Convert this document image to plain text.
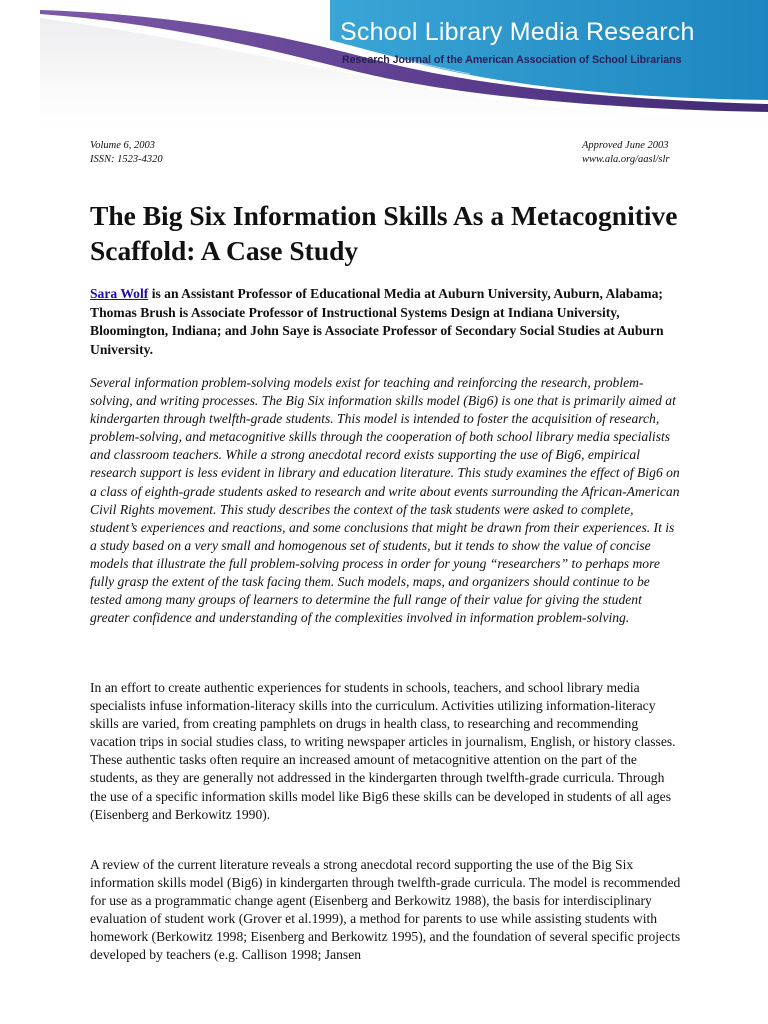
School Library Media Research
Research Journal of the American Association of School Librarians
Volume 6, 2003
ISSN: 1523-4320
Approved June 2003
www.ala.org/aasl/slr
The Big Six Information Skills As a Metacognitive Scaffold: A Case Study
Sara Wolf is an Assistant Professor of Educational Media at Auburn University, Auburn, Alabama; Thomas Brush is Associate Professor of Instructional Systems Design at Indiana University, Bloomington, Indiana; and John Saye is Associate Professor of Secondary Social Studies at Auburn University.
Several information problem-solving models exist for teaching and reinforcing the research, problem-solving, and writing processes. The Big Six information skills model (Big6) is one that is primarily aimed at kindergarten through twelfth-grade students. This model is intended to foster the acquisition of research, problem-solving, and metacognitive skills through the cooperation of both school library media specialists and classroom teachers. While a strong anecdotal record exists supporting the use of Big6, empirical research support is less evident in library and education literature. This study examines the effect of Big6 on a class of eighth-grade students asked to research and write about events surrounding the African-American Civil Rights movement. This study describes the context of the task students were asked to complete, student’s experiences and reactions, and some conclusions that might be drawn from their experiences. It is a study based on a very small and homogenous set of students, but it tends to show the value of concise models that illustrate the full problem-solving process in order for young “researchers” to perhaps more fully grasp the extent of the task facing them. Such models, maps, and organizers should continue to be tested among many groups of learners to determine the full range of their value for giving the student greater confidence and understanding of the complexities involved in information problem-solving.
In an effort to create authentic experiences for students in schools, teachers, and school library media specialists infuse information-literacy skills into the curriculum. Activities utilizing information-literacy skills are varied, from creating pamphlets on drugs in health class, to researching and recommending vacation trips in social studies class, to writing newspaper articles in journalism, English, or history classes. These authentic tasks often require an increased amount of metacognitive attention on the part of the students, as they are generally not addressed in the kindergarten through twelfth-grade curricula. Through the use of a specific information skills model like Big6 these skills can be developed in students of all ages (Eisenberg and Berkowitz 1990).
A review of the current literature reveals a strong anecdotal record supporting the use of the Big Six information skills model (Big6) in kindergarten through twelfth-grade curricula. The model is recommended for use as a programmatic change agent (Eisenberg and Berkowitz 1988), the basis for interdisciplinary evaluation of student work (Grover et al.1999), a method for parents to use while assisting students with homework (Berkowitz 1998; Eisenberg and Berkowitz 1995), and the foundation of several specific projects developed by teachers (e.g. Callison 1998; Jansen
